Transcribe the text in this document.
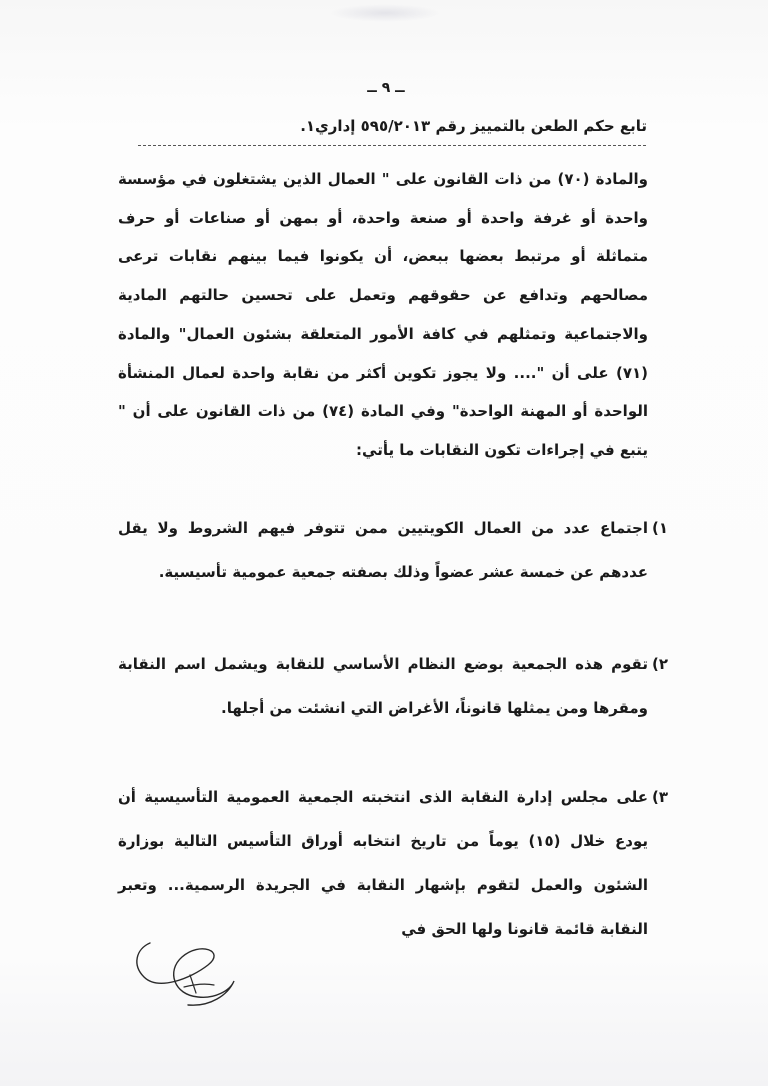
ــ ٩ ــ
تابع حكم الطعن بالتمييز رقم ٥٩٥/٢٠١٣ إداري١.

والمادة (٧٠) من ذات القانون على " العمال الذين يشتغلون في مؤسسة واحدة أو غرفة واحدة أو صنعة واحدة، أو بمهن أو صناعات أو حرف متماثلة أو مرتبط بعضها ببعض، أن يكونوا فيما بينهم نقابات ترعى مصالحهم وتدافع عن حقوقهم وتعمل على تحسين حالتهم المادية والاجتماعية وتمثلهم في كافة الأمور المتعلقة بشئون العمال" والمادة (٧١) على أن ".... ولا يجوز تكوين أكثر من نقابة واحدة لعمال المنشأة الواحدة أو المهنة الواحدة" وفي المادة (٧٤) من ذات القانون على أن " يتبع في إجراءات تكون النقابات ما يأتي:

١)
اجتماع عدد من العمال الكويتيين ممن تتوفر فيهم الشروط ولا يقل عددهم عن خمسة عشر عضواً وذلك بصفته جمعية عمومية تأسيسية.
٢)
تقوم هذه الجمعية بوضع النظام الأساسي للنقابة ويشمل اسم النقابة ومقرها ومن يمثلها قانوناً، الأغراض التي انشئت من أجلها.
٣)
على مجلس إدارة النقابة الذى انتخبته الجمعية العمومية التأسيسية أن يودع خلال (١٥) يوماً من تاريخ انتخابه أوراق التأسيس التالية بوزارة الشئون والعمل لتقوم بإشهار النقابة في الجريدة الرسمية... وتعبر النقابة قائمة قانونا ولها الحق في
